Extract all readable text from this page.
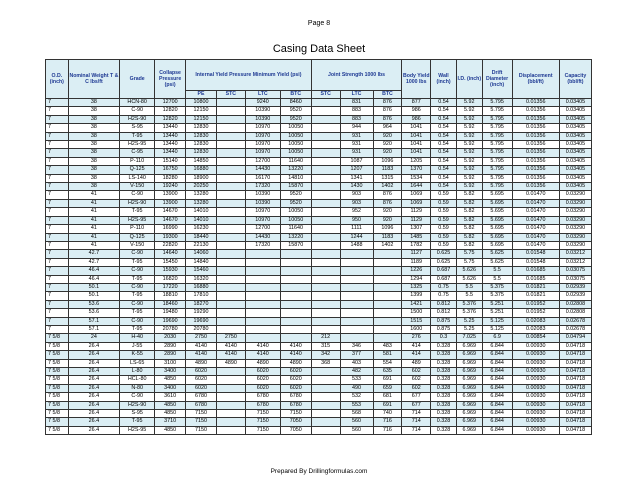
Page 8
Casing Data Sheet
O.D. (inch)	Nominal Weight T & C lbs/ft	Grade	Collapse Pressure (psi)	Internal Yield Pressure Minimum Yield (psi)				Joint Strength 1000 lbs			Body Yield 1000 lbs	Wall (inch)	I.D. (inch)	Drift Diameter (inch)	Displacement (bbl/ft)	Capacity (bbl/ft)
				PE	STC	LTC	BTC	STC	LTC	BTC						
7	38	HCN-80	12700	10800		9240	8460		831	876	877	0.54	5.92	5.795	0.01356	0.03405
7	38	C-90	12820	12150		10390	9520		883	876	986	0.54	5.92	5.795	0.01356	0.03405
7	38	H2S-90	12820	12150		10390	9520		883	876	986	0.54	5.92	5.795	0.01356	0.03405
7	38	S-95	13440	12830		10970	10050		944	964	1041	0.54	5.92	5.795	0.01356	0.03405
7	38	T-95	13440	12830		10970	10050		931	920	1041	0.54	5.92	5.795	0.01356	0.03405
7	38	H2S-95	13440	12830		10970	10050		931	920	1041	0.54	5.92	5.795	0.01356	0.03405
7	38	C-95	13440	12830		10970	10050		931	920	1041	0.54	5.92	5.795	0.01356	0.03405
7	38	P-110	15140	14850		12700	11640		1087	1096	1205	0.54	5.92	5.795	0.01356	0.03405
7	38	Q-125	16750	16880		14430	13220		1207	1183	1370	0.54	5.92	5.795	0.01356	0.03405
7	38	LS-140	18280	18900		16170	14810		1341	1315	1534	0.54	5.92	5.795	0.01356	0.03405
7	38	V-150	19240	20250		17320	15870		1430	1402	1644	0.54	5.92	5.795	0.01356	0.03405
7	41	C-90	13900	13280		10390	9520		903	876	1069	0.59	5.82	5.695	0.01470	0.03290
7	41	H2S-90	13900	13280		10390	9520		903	876	1069	0.59	5.82	5.695	0.01470	0.03290
7	41	T-95	14670	14010		10970	10050		952	920	1129	0.59	5.82	5.695	0.01470	0.03290
7	41	H2S-95	14670	14010		10970	10050		950	920	1129	0.59	5.82	5.695	0.01470	0.03290
7	41	P-110	16990	16230		12700	11640		1111	1096	1307	0.59	5.82	5.695	0.01470	0.03290
7	41	Q-125	19300	18440		14430	13220		1244	1183	1485	0.59	5.82	5.695	0.01470	0.03290
7	41	V-150	22820	22130		17320	15870		1488	1402	1782	0.59	5.82	5.695	0.01470	0.03290
7	42.7	C-90	14640	14060							1127	0.625	5.75	5.625	0.01548	0.03212
7	42.7	T-95	15450	14840							1189	0.625	5.75	5.625	0.01548	0.03212
7	46.4	C-90	15930	15460							1226	0.687	5.626	5.5	0.01685	0.03075
7	46.4	T-95	16820	16320							1294	0.687	5.626	5.5	0.01685	0.03075
7	50.1	C-90	17220	16880							1325	0.75	5.5	5.375	0.01821	0.02939
7	50.1	T-95	18810	17810							1399	0.75	5.5	5.375	0.01821	0.02939
7	53.6	C-90	18460	18270							1421	0.812	5.376	5.251	0.01952	0.02808
7	53.6	T-95	19480	19290							1500	0.812	5.376	5.251	0.01952	0.02808
7	57.1	C-90	19690	19690							1515	0.875	5.25	5.125	0.02083	0.02678
7	57.1	T-95	20780	20780							1600	0.875	5.25	5.125	0.02083	0.02678
7 5/8	24	H-40	2030	2750	2750			212			276	0.3	7.025	6.9	0.00854	0.04794
7 5/8	26.4	J-55	2890	4140	4140	4140	4140	315	346	483	414	0.328	6.969	6.844	0.00930	0.04718
7 5/8	26.4	K-55	2890	4140	4140	4140	4140	342	377	581	414	0.328	6.969	6.844	0.00930	0.04718
7 5/8	26.4	LS-65	3100	4890	4890	4890	4890	368	403	554	489	0.328	6.969	6.844	0.00930	0.04718
7 5/8	26.4	L-80	3400	6020		6020	6020		482	635	602	0.328	6.969	6.844	0.00930	0.04718
7 5/8	26.4	HCL-80	4850	6020		6020	6020		533	691	602	0.328	6.969	6.844	0.00930	0.04718
7 5/8	26.4	N-80	3400	6020		6020	6020		490	659	602	0.328	6.969	6.844	0.00930	0.04718
7 5/8	26.4	C-90	3610	6780		6780	6780		532	681	677	0.328	6.969	6.844	0.00930	0.04718
7 5/8	26.4	H2S-90	4850	6780		6780	6780		553	691	677	0.328	6.969	6.844	0.00930	0.04718
7 5/8	26.4	S-95	4850	7150		7150	7150		568	740	714	0.328	6.969	6.844	0.00930	0.04718
7 5/8	26.4	T-95	3710	7150		7150	7050		560	716	714	0.328	6.969	6.844	0.00930	0.04718
7 5/8	26.4	H2S-95	4850	7150		7150	7050		560	716	714	0.328	6.969	6.844	0.00930	0.04718
Prepared By Drillingformulas.com
